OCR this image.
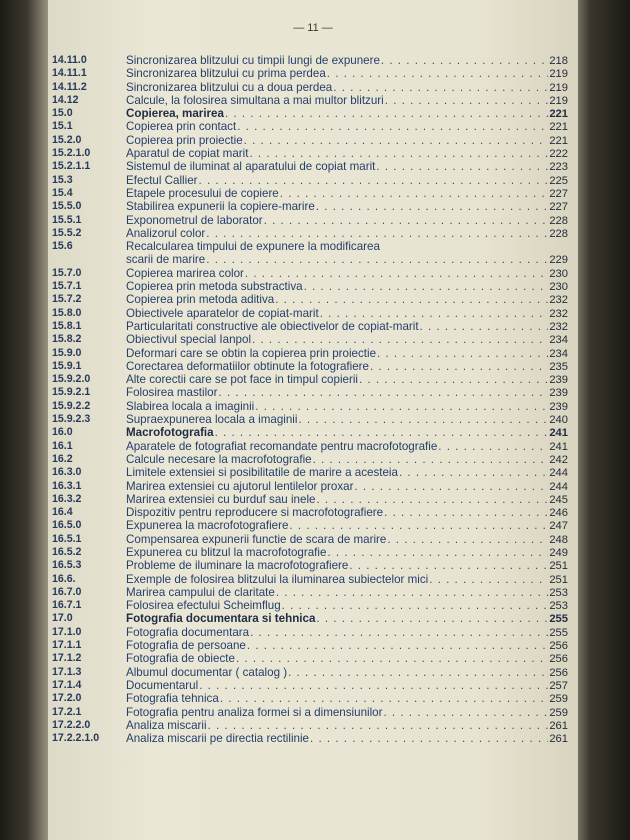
— 11 —
14.11.0	Sincronizarea blitzului cu timpii lungi de expunere . . .	218
14.11.1	Sincronizarea blitzului cu prima perdea . . .	219
14.11.2	Sincronizarea blitzului cu a doua perdea . . .	219
14.12	Calcule, la folosirea simultana a mai multor blitzuri . . .	219
15.0	Copierea, marirea . . .	221
15.1	Copierea prin contact . . .	221
15.2.0	Copierea prin proiectie . . .	221
15.2.1.0	Aparatul de copiat marit . . .	222
15.2.1.1	Sistemul de iluminat al aparatului de copiat marit . . .	223
15.3	Efectul Callier . . .	225
15.4	Etapele procesului de copiere . . .	227
15.5.0	Stabilirea expunerii la copiere-marire . . .	227
15.5.1	Exponometrul de laborator . . .	228
15.5.2	Analizorul color . . .	228
15.6	Recalcularea timpului de expunere la modificarea
scarii de marire . . .	229
15.7.0	Copierea marirea color . . .	230
15.7.1	Copierea prin metoda substractiva . . .	230
15.7.2	Copierea prin metoda aditiva . . .	232
15.8.0	Obiectivele aparatelor de copiat-marit . . .	232
15.8.1	Particularitati constructive ale obiectivelor de copiat-marit . . .	232
15.8.2	Obiectivul special Ianpol . . .	234
15.9.0	Deformari care se obtin la copierea prin proiectie . . .	234
15.9.1	Corectarea deformatiilor obtinute la fotografiere . . .	235
15.9.2.0	Alte corectii care se pot face in timpul copierii . . .	239
15.9.2.1	Folosirea mastilor . . .	239
15.9.2.2	Slabirea locala a imaginii . . .	239
15.9.2.3	Supraexpunerea locala a imaginii . . .	240
16.0	Macrofotografia . . .	241
16.1	Aparatele de fotografiat recomandate pentru macrofotografie . . .	241
16.2	Calcule necesare la macrofotografie . . .	242
16.3.0	Limitele extensiei si posibilitatile de marire a acesteia . . .	244
16.3.1	Marirea extensiei cu ajutorul lentilelor proxar . . .	244
16.3.2	Marirea extensiei cu burduf sau inele . . .	245
16.4	Dispozitiv pentru reproducere si macrofotografiere . . .	246
16.5.0	Expunerea la macrofotografiere . . .	247
16.5.1	Compensarea expunerii functie de scara de marire . . .	248
16.5.2	Expunerea cu blitzul la macrofotografie . . .	249
16.5.3	Probleme de iluminare la macrofotografiere . . .	251
16.6.	Exemple de folosirea blitzului la iluminarea subiectelor mici . . .	251
16.7.0	Marirea campului de claritate . . .	253
16.7.1	Folosirea efectului Scheimflug . . .	253
17.0	Fotografia documentara si tehnica . . .	255
17.1.0	Fotografia documentara . . .	255
17.1.1	Fotografia de persoane . . .	256
17.1.2	Fotografia de obiecte . . .	256
17.1.3	Albumul documentar ( catalog ) . . .	256
17.1.4	Documentarul . . .	257
17.2.0	Fotografia tehnica . . .	259
17.2.1	Fotografia pentru analiza formei si a dimensiunilor . . .	259
17.2.2.0	Analiza miscarii . . .	261
17.2.2.1.0	Analiza miscarii pe directia rectilinie . . .	261
